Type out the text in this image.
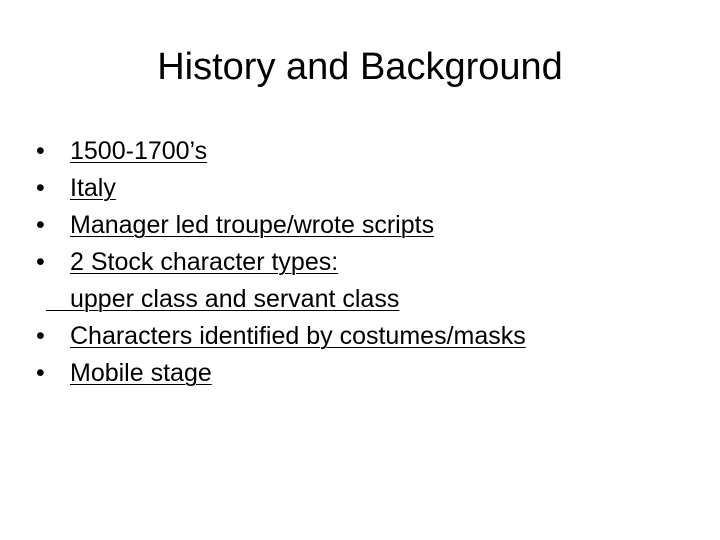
History and Background
•	1500-1700’s
•	Italy
•	Manager led troupe/wrote scripts
•	2 Stock character types:
upper class and servant class
•	Characters identified by costumes/masks
•	Mobile stage
